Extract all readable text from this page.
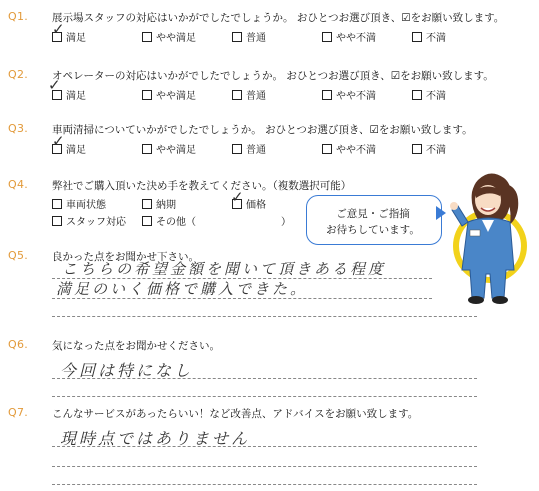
Q1. 展示場スタッフの対応はいかがでしたでしょうか。 おひとつお選び頂き、☑をお願い致します。
満足	やや満足	普通	やや不満	不満
✓
Q2. オペレーターの対応はいかがでしたでしょうか。 おひとつお選び頂き、☑をお願い致します。
満足	やや満足	普通	やや不満	不満
✓
Q3. 車両清掃についていかがでしたでしょうか。 おひとつお選び頂き、☑をお願い致します。
満足	やや満足	普通	やや不満	不満
✓
Q4. 弊社でご購入頂いた決め手を教えてください。（複数選択可能）
車両状態	納期	価格
スタッフ対応	その他（	）
✓
ご意見・ご指摘
お待ちしています。
Q5. 良かった点をお聞かせ下さい。
こちらの希望金額を聞いて頂きある程度
満足のいく価格で購入できた。
Q6. 気になった点をお聞かせください。
今回は特になし
Q7. こんなサービスがあったらいい！など改善点、アドバイスをお願い致します。
現時点ではありません
